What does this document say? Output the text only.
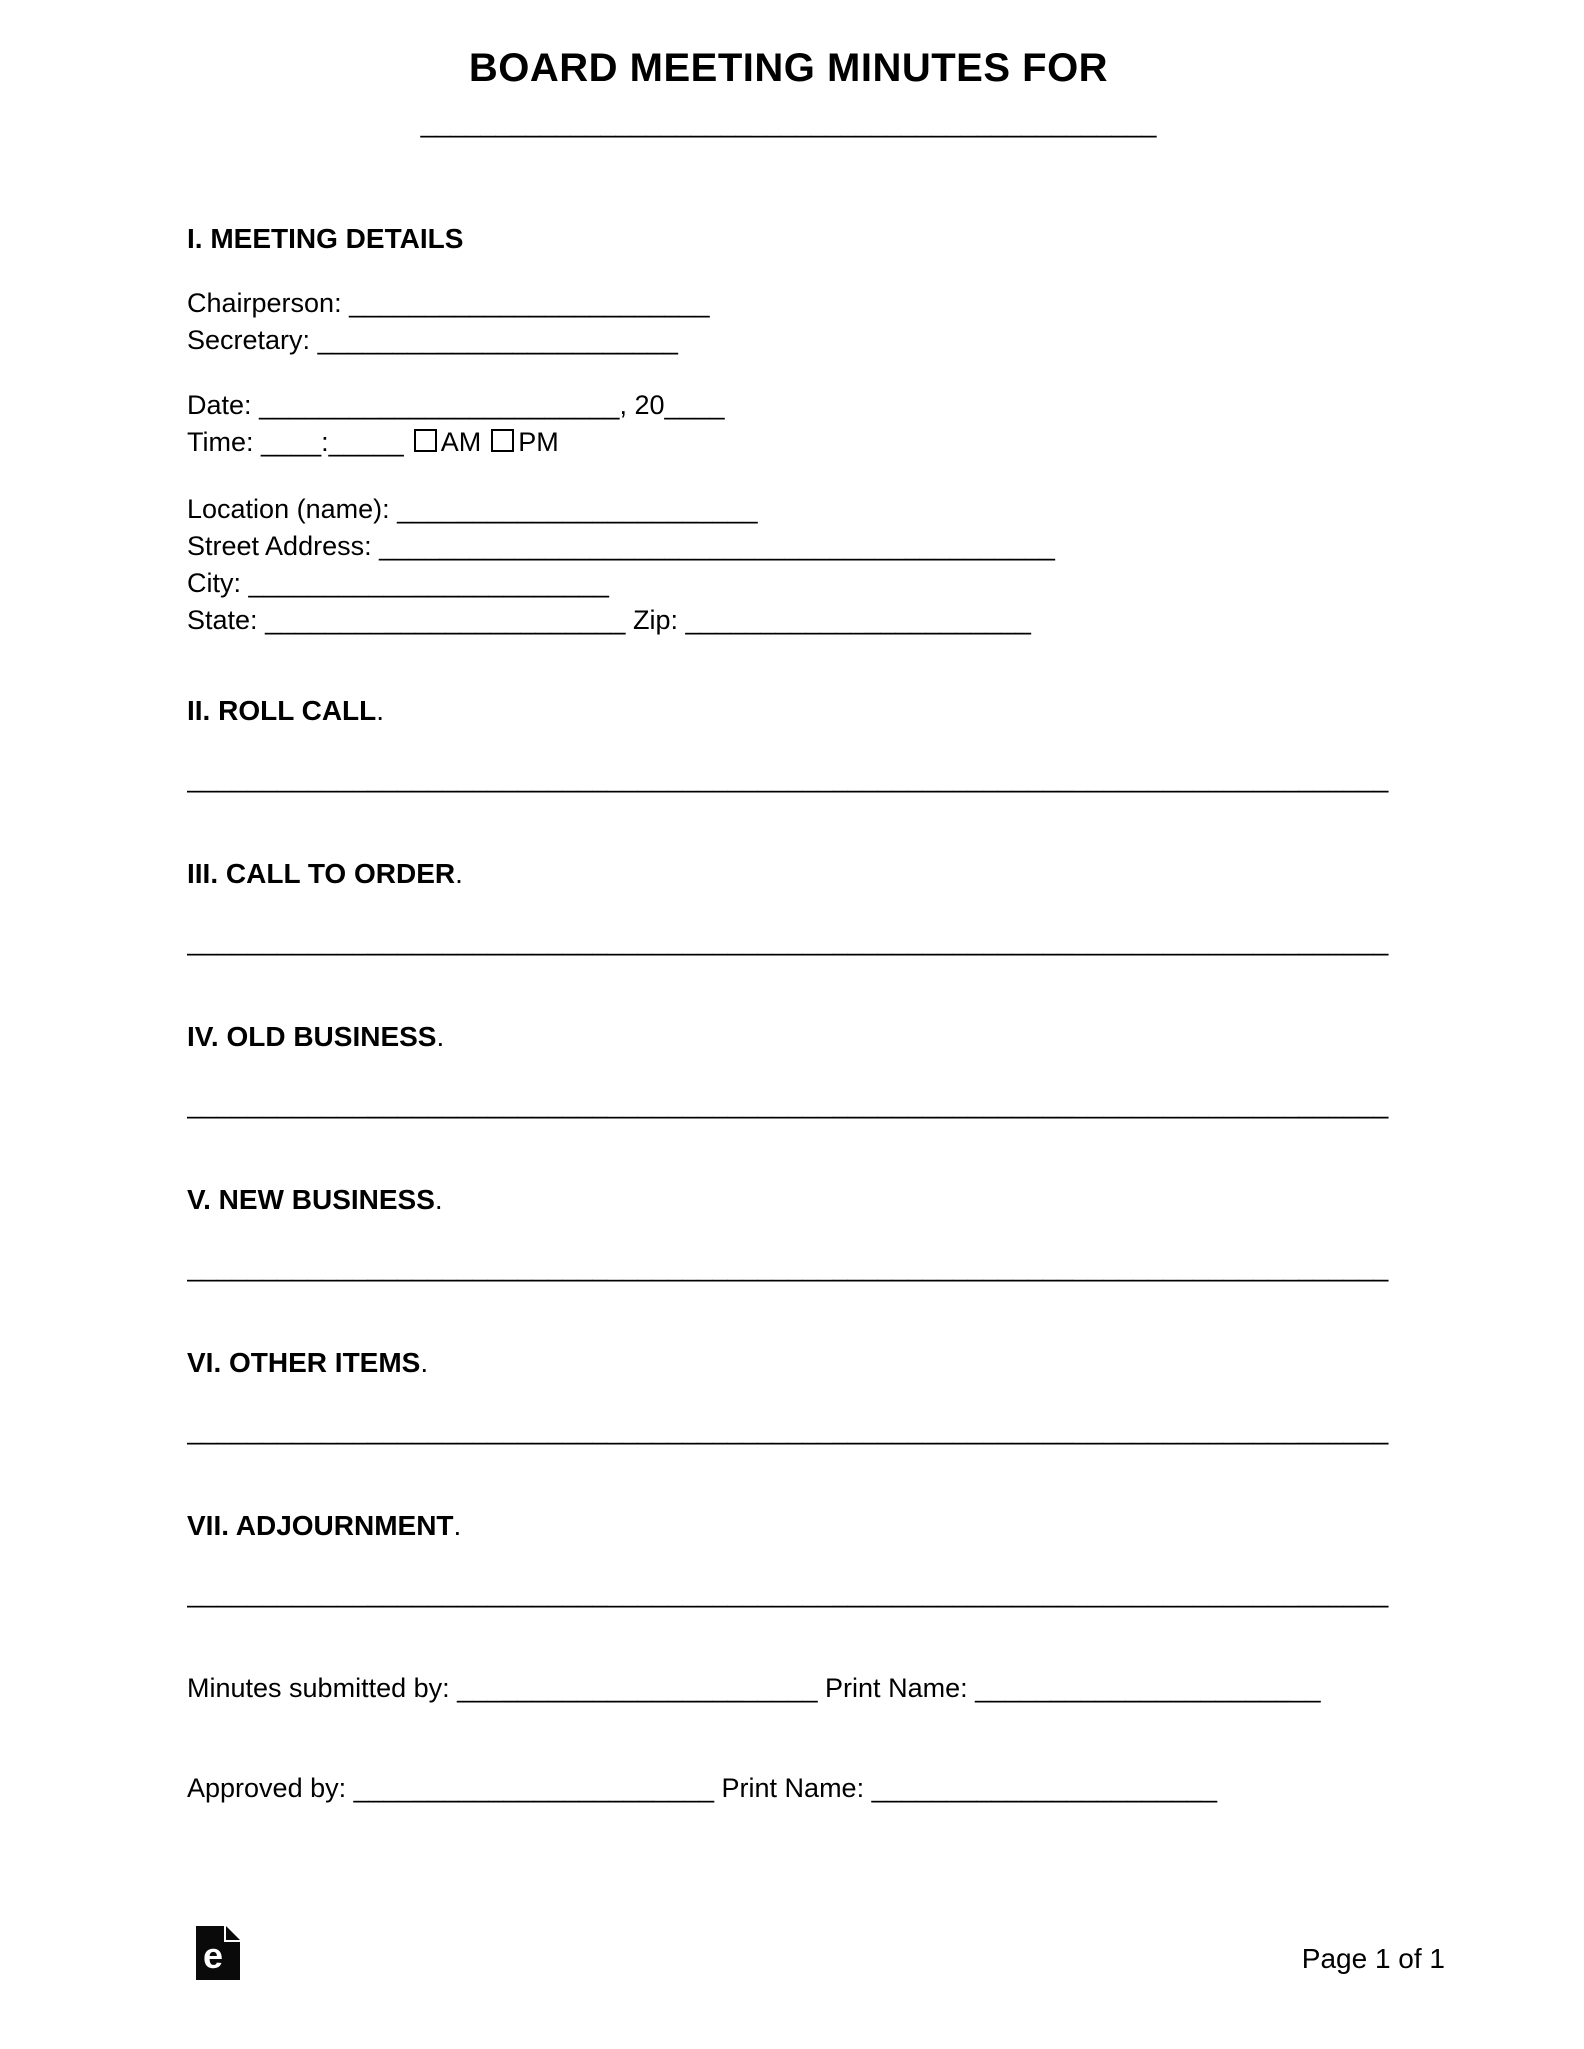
BOARD MEETING MINUTES FOR
_________________________________________________
I. MEETING DETAILS
Chairperson: ________________________
Secretary: ________________________
Date: ________________________, 20____
Time: ____:_____ AM PM
Location (name): ________________________
Street Address: _____________________________________________
City: ________________________
State: ________________________ Zip: _______________________
II. ROLL CALL.
________________________________________________________________________________
III. CALL TO ORDER.
________________________________________________________________________________
IV. OLD BUSINESS.
________________________________________________________________________________
V. NEW BUSINESS.
________________________________________________________________________________
VI. OTHER ITEMS.
________________________________________________________________________________
VII. ADJOURNMENT.
________________________________________________________________________________
Minutes submitted by: ________________________ Print Name: _______________________
Approved by: ________________________ Print Name: _______________________
e	Page 1 of 1
